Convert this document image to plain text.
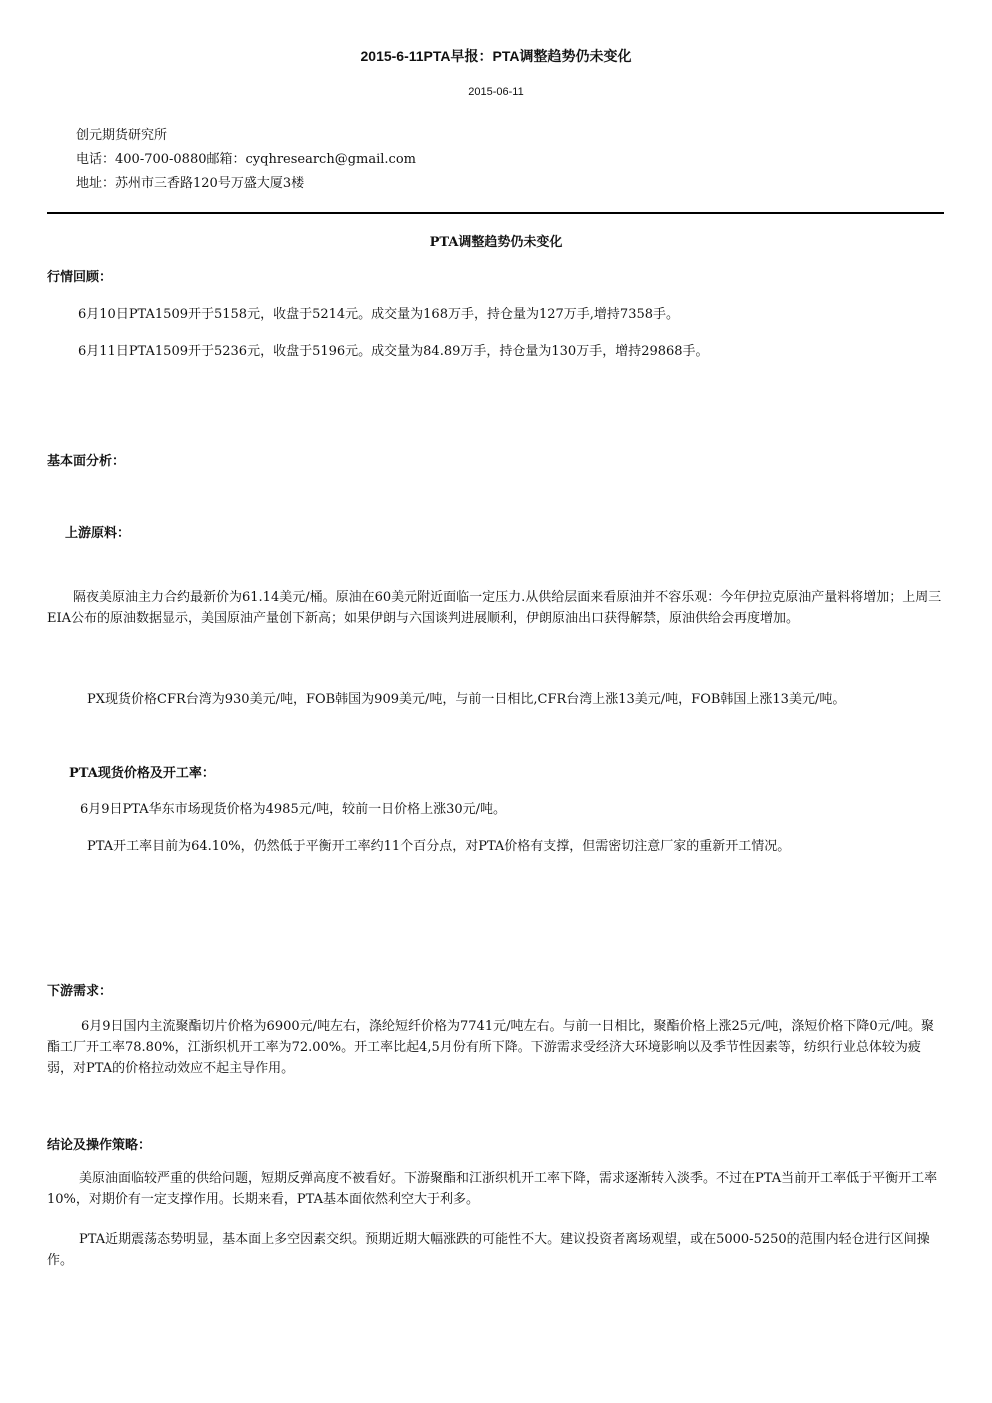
2015-6-11PTA早报：PTA调整趋势仍未变化
2015-06-11
创元期货研究所
电话：400-700-0880邮箱：cyqhresearch@gmail.com
地址：苏州市三香路120号万盛大厦3楼
PTA调整趋势仍未变化
行情回顾：
6月10日PTA1509开于5158元，收盘于5214元。成交量为168万手，持仓量为127万手,增持7358手。
6月11日PTA1509开于5236元，收盘于5196元。成交量为84.89万手，持仓量为130万手，增持29868手。
基本面分析：
上游原料：

隔夜美原油主力合约最新价为61.14美元/桶。原油在60美元附近面临一定压力.从供给层面来看原油并不容乐观：今年伊拉克原油产量料将增加；上周三EIA公布的原油数据显示，美国原油产量创下新高；如果伊朗与六国谈判进展顺利，伊朗原油出口获得解禁，原油供给会再度增加。

PX现货价格CFR台湾为930美元/吨，FOB韩国为909美元/吨，与前一日相比,CFR台湾上涨13美元/吨，FOB韩国上涨13美元/吨。
PTA现货价格及开工率：
6月9日PTA华东市场现货价格为4985元/吨，较前一日价格上涨30元/吨。
PTA开工率目前为64.10%，仍然低于平衡开工率约11个百分点，对PTA价格有支撑，但需密切注意厂家的重新开工情况。
下游需求：

6月9日国内主流聚酯切片价格为6900元/吨左右，涤纶短纤价格为7741元/吨左右。与前一日相比，聚酯价格上涨25元/吨，涤短价格下降0元/吨。聚酯工厂开工率78.80%，江浙织机开工率为72.00%。开工率比起4,5月份有所下降。下游需求受经济大环境影响以及季节性因素等，纺织行业总体较为疲弱，对PTA的价格拉动效应不起主导作用。

结论及操作策略：

美原油面临较严重的供给问题，短期反弹高度不被看好。下游聚酯和江浙织机开工率下降，需求逐渐转入淡季。不过在PTA当前开工率低于平衡开工率10%，对期价有一定支撑作用。长期来看，PTA基本面依然利空大于利多。

PTA近期震荡态势明显，基本面上多空因素交织。预期近期大幅涨跌的可能性不大。建议投资者离场观望，或在5000-5250的范围内轻仓进行区间操作。
